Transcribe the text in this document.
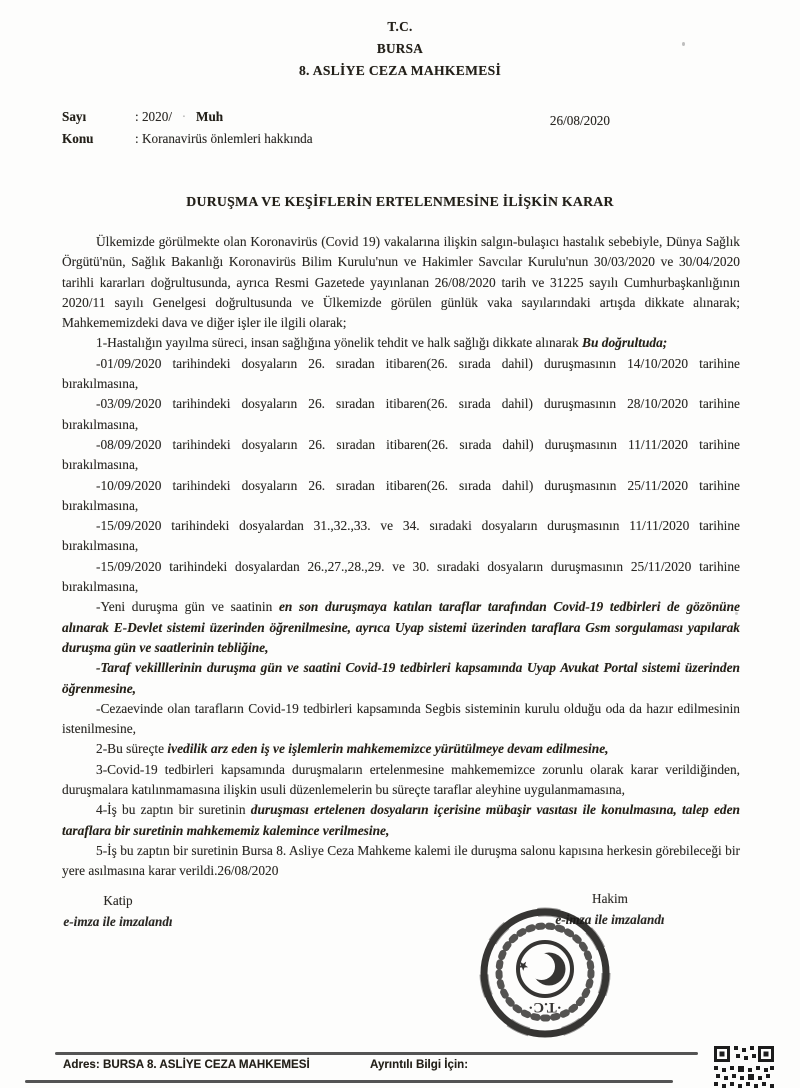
T.C.
BURSA
8. ASLİYE CEZA MAHKEMESİ
26/08/2020
Sayı	: 2020/ · Muh
Konu	: Koranavirüs önlemleri hakkında
DURUŞMA VE KEŞİFLERİN ERTELENMESİNE İLİŞKİN KARAR

Ülkemizde görülmekte olan Koronavirüs (Covid 19) vakalarına ilişkin salgın-bulaşıcı hastalık sebebiyle, Dünya Sağlık Örgütü'nün, Sağlık Bakanlığı Koronavirüs Bilim Kurulu'nun ve Hakimler Savcılar Kurulu'nun 30/03/2020 ve 30/04/2020 tarihli kararları doğrultusunda, ayrıca Resmi Gazetede yayınlanan 26/08/2020 tarih ve 31225 sayılı Cumhurbaşkanlığının 2020/11 sayılı Genelgesi doğrultusunda ve Ülkemizde görülen günlük vaka sayılarındaki artışda dikkate alınarak; Mahkememizdeki dava ve diğer işler ile ilgili olarak;

1-Hastalığın yayılma süreci, insan sağlığına yönelik tehdit ve halk sağlığı dikkate alınarak Bu doğrultuda;

-01/09/2020 tarihindeki dosyaların 26. sıradan itibaren(26. sırada dahil) duruşmasının 14/10/2020 tarihine bırakılmasına,

-03/09/2020 tarihindeki dosyaların 26. sıradan itibaren(26. sırada dahil) duruşmasının 28/10/2020 tarihine bırakılmasına,

-08/09/2020 tarihindeki dosyaların 26. sıradan itibaren(26. sırada dahil) duruşmasının 11/11/2020 tarihine bırakılmasına,

-10/09/2020 tarihindeki dosyaların 26. sıradan itibaren(26. sırada dahil) duruşmasının 25/11/2020 tarihine bırakılmasına,

-15/09/2020 tarihindeki dosyalardan 31.,32.,33. ve 34. sıradaki dosyaların duruşmasının 11/11/2020 tarihine bırakılmasına,

-15/09/2020 tarihindeki dosyalardan 26.,27.,28.,29. ve 30. sıradaki dosyaların duruşmasının 25/11/2020 tarihine bırakılmasına,

-Yeni duruşma gün ve saatinin en son duruşmaya katılan taraflar tarafından Covid-19 tedbirleri de gözönüne alınarak E-Devlet sistemi üzerinden öğrenilmesine, ayrıca Uyap sistemi üzerinden taraflara Gsm sorgulaması yapılarak duruşma gün ve saatlerinin tebliğine,

-Taraf vekilllerinin duruşma gün ve saatini Covid-19 tedbirleri kapsamında Uyap Avukat Portal sistemi üzerinden öğrenmesine,

-Cezaevinde olan tarafların Covid-19 tedbirleri kapsamında Segbis sisteminin kurulu olduğu oda da hazır edilmesinin istenilmesine,

2-Bu süreçte ivedilik arz eden iş ve işlemlerin mahkememizce yürütülmeye devam edilmesine,

3-Covid-19 tedbirleri kapsamında duruşmaların ertelenmesine mahkememizce zorunlu olarak karar verildiğinden, duruşmalara katılınmamasına ilişkin usuli düzenlemelerin bu süreçte taraflar aleyhine uygulanmamasına,

4-İş bu zaptın bir suretinin duruşması ertelenen dosyaların içerisine mübaşir vasıtası ile konulmasına, talep eden taraflara bir suretinin mahkememiz kalemince verilmesine,

5-İş bu zaptın bir suretinin Bursa 8. Asliye Ceza Mahkeme kalemi ile duruşma salonu kapısına herkesin görebileceği bir yere asılmasına karar verildi.26/08/2020

Katip
e-imza ile imzalandı
Hakim
e-imza ile imzalandı
·T.C·
Adres: BURSA 8. ASLİYE CEZA MAHKEMESİ	Ayrıntılı Bilgi İçin:
